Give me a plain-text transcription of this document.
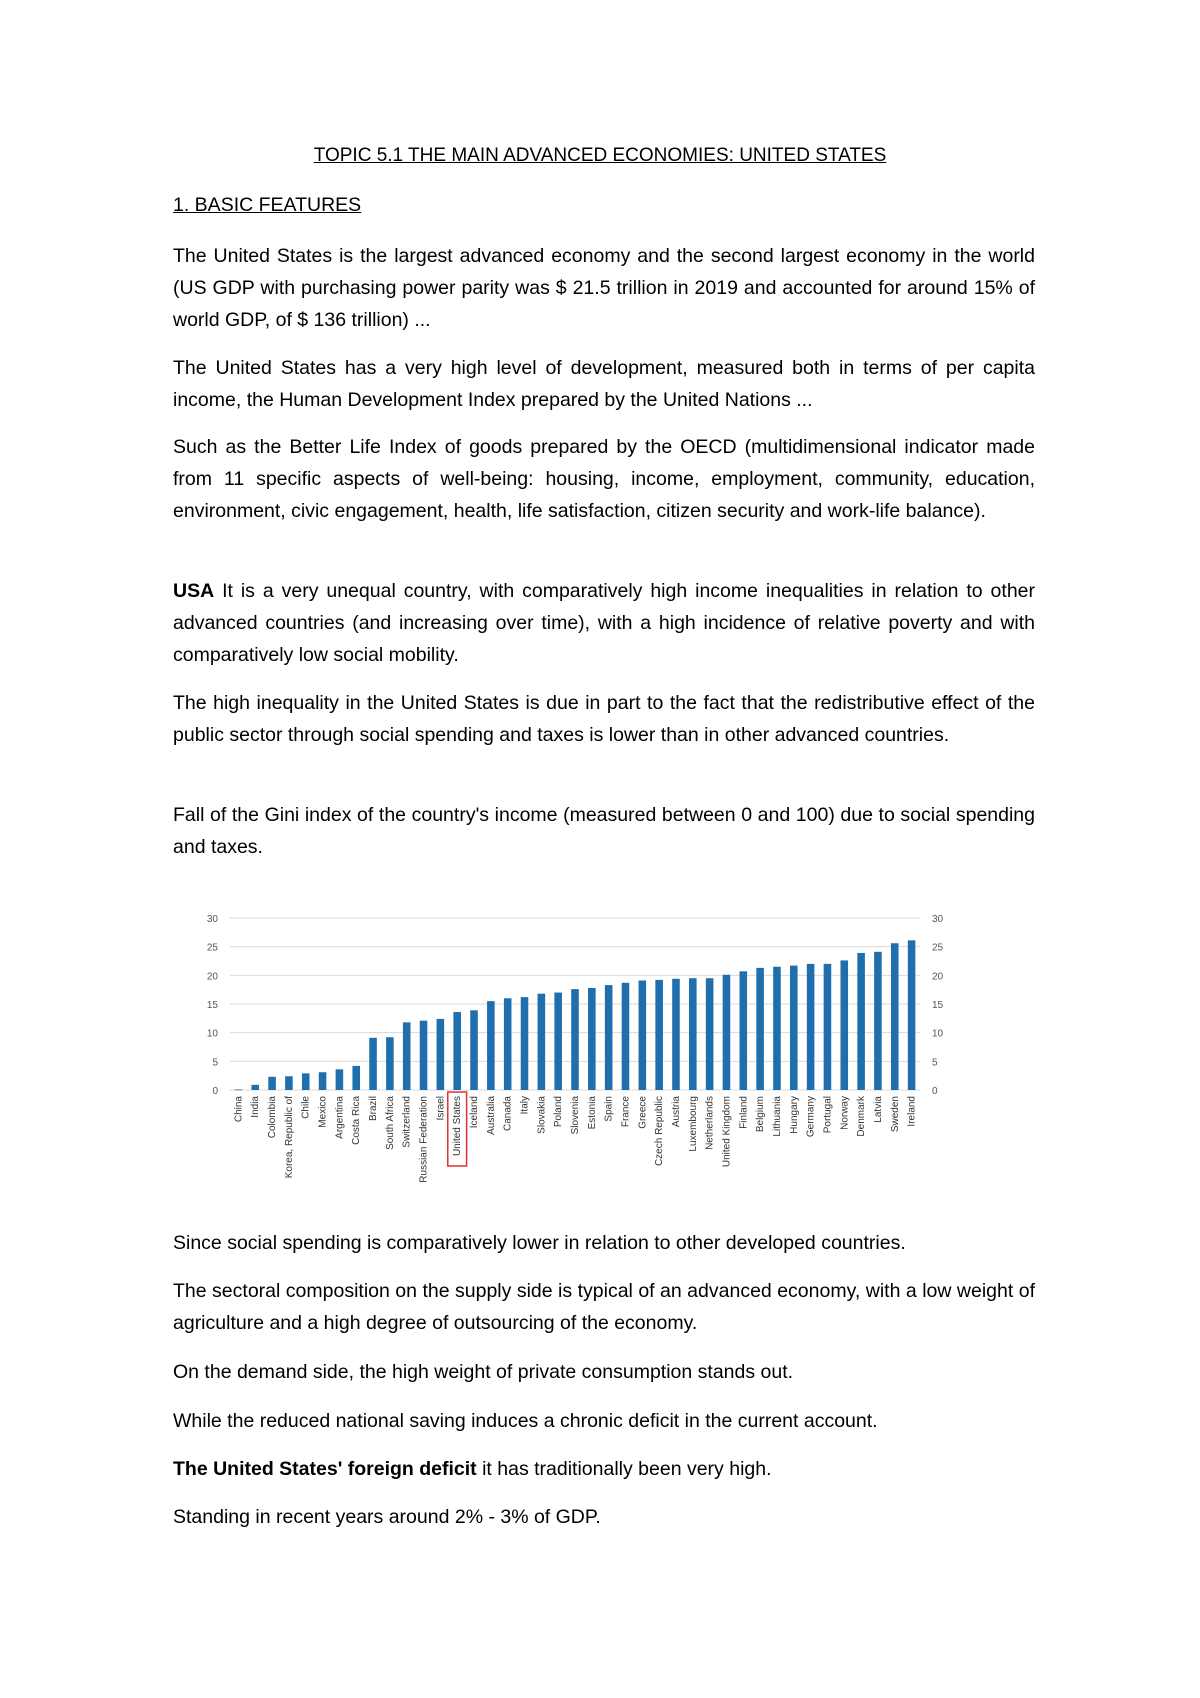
TOPIC 5.1 THE MAIN ADVANCED ECONOMIES: UNITED STATES
1. BASIC FEATURES

The United States is the largest advanced economy and the second largest economy in the world (US GDP with purchasing power parity was $ 21.5 trillion in 2019 and accounted for around 15% of world GDP, of $ 136 trillion) ...

The United States has a very high level of development, measured both in terms of per capita income, the Human Development Index prepared by the United Nations ...

Such as the Better Life Index of goods prepared by the OECD (multidimensional indicator made from 11 specific aspects of well-being: housing, income, employment, community, education, environment, civic engagement, health, life satisfaction, citizen security and work-life balance).

USA It is a very unequal country, with comparatively high income inequalities in relation to other advanced countries (and increasing over time), with a high incidence of relative poverty and with comparatively low social mobility.

The high inequality in the United States is due in part to the fact that the redistributive effect of the public sector through social spending and taxes is lower than in other advanced countries.

Fall of the Gini index of the country's income (measured between 0 and 100) due to social spending and taxes.

0	0
5	5
10	10
15	15
20	20
25	25
30	30
China India Colombia Korea, Republic of Chile Mexico Argentina Costa Rica Brazil South Africa Switzerland Russian Federation Israel United States Iceland Australia Canada Italy Slovakia Poland Slovenia Estonia Spain France Greece Czech Republic Austria Luxembourg Netherlands United Kingdom Finland Belgium Lithuania Hungary Germany Portugal Norway Denmark Latvia Sweden Ireland

Since social spending is comparatively lower in relation to other developed countries.

The sectoral composition on the supply side is typical of an advanced economy, with a low weight of agriculture and a high degree of outsourcing of the economy.

On the demand side, the high weight of private consumption stands out.

While the reduced national saving induces a chronic deficit in the current account.

The United States' foreign deficit it has traditionally been very high.

Standing in recent years around 2% - 3% of GDP.
